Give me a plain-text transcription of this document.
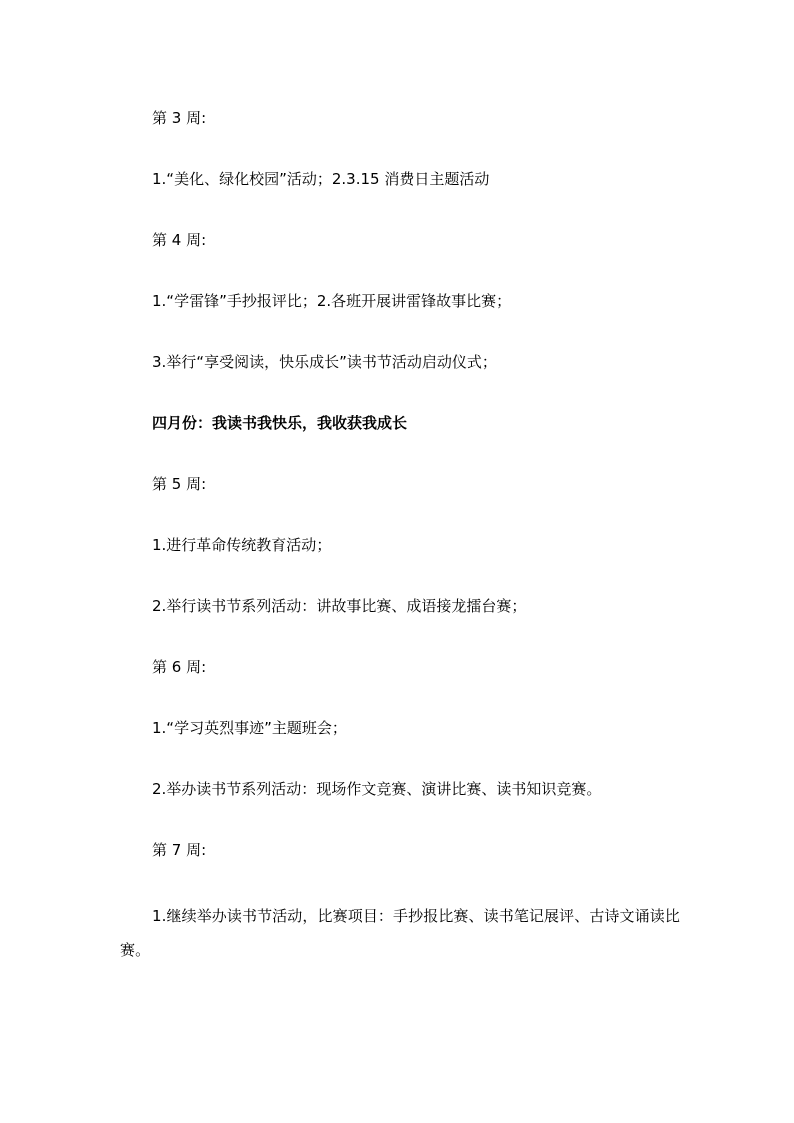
第 3 周:

1.“美化、绿化校园”活动；2.3.15 消费日主题活动

第 4 周:

1.“学雷锋”手抄报评比；2.各班开展讲雷锋故事比赛；

3.举行“享受阅读，快乐成长”读书节活动启动仪式；

四月份：我读书我快乐，我收获我成长

第 5 周:

1.进行革命传统教育活动；

2.举行读书节系列活动：讲故事比赛、成语接龙擂台赛；

第 6 周:

1.“学习英烈事迹”主题班会；

2.举办读书节系列活动：现场作文竞赛、演讲比赛、读书知识竞赛。

第 7 周:

1.继续举办读书节活动，比赛项目：手抄报比赛、读书笔记展评、古诗文诵读比赛。
